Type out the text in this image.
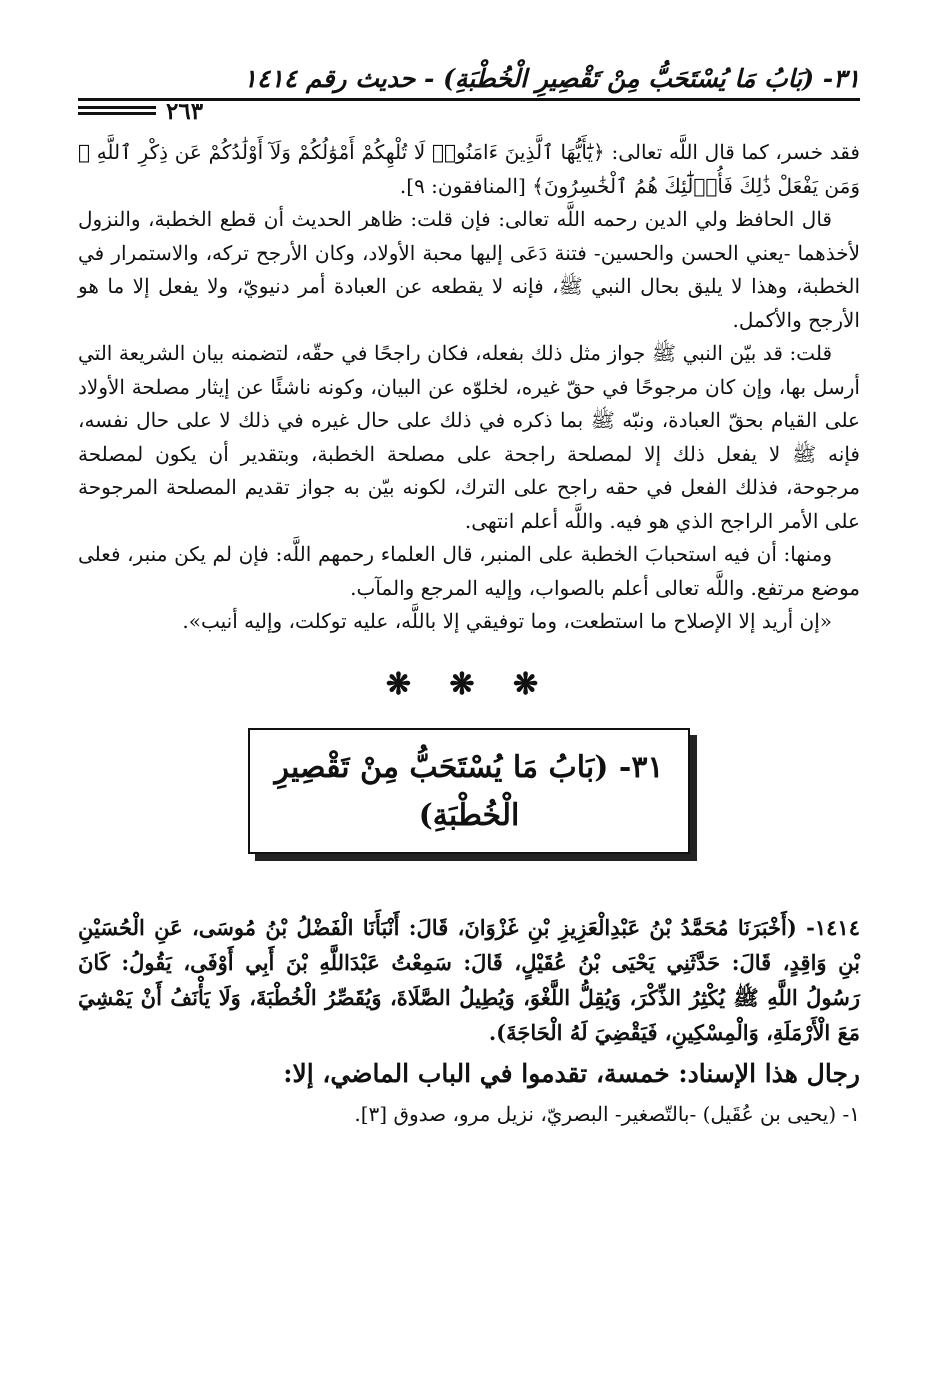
٣١- (بَابُ مَا يُسْتَحَبُّ مِنْ تَقْصِيرِ الْخُطْبَةِ) - حديث رقم ١٤١٤
٢٦٣

فقد خسر، كما قال اللَّه تعالى: ﴿يَٰٓأَيُّهَا ٱلَّذِينَ ءَامَنُوا۟ لَا تُلْهِكُمْ أَمْوَٰلُكُمْ وَلَآ أَوْلَٰدُكُمْ عَن ذِكْرِ ٱللَّهِ ۚ وَمَن يَفْعَلْ ذَٰلِكَ فَأُو۟لَٰٓئِكَ هُمُ ٱلْخَٰسِرُونَ﴾ [المنافقون: ٩].

قال الحافظ ولي الدين رحمه اللَّه تعالى: فإن قلت: ظاهر الحديث أن قطع الخطبة، والنزول لأخذهما -يعني الحسن والحسين- فتنة دَعَى إليها محبة الأولاد، وكان الأرجح تركه، والاستمرار في الخطبة، وهذا لا يليق بحال النبي ﷺ، فإنه لا يقطعه عن العبادة أمر دنيويّ، ولا يفعل إلا ما هو الأرجح والأكمل.

قلت: قد بيّن النبي ﷺ جواز مثل ذلك بفعله، فكان راجحًا في حقّه، لتضمنه بيان الشريعة التي أرسل بها، وإن كان مرجوحًا في حقّ غيره، لخلوّه عن البيان، وكونه ناشئًا عن إيثار مصلحة الأولاد على القيام بحقّ العبادة، ونبّه ﷺ بما ذكره في ذلك على حال غيره في ذلك لا على حال نفسه، فإنه ﷺ لا يفعل ذلك إلا لمصلحة راجحة على مصلحة الخطبة، وبتقدير أن يكون لمصلحة مرجوحة، فذلك الفعل في حقه راجح على الترك، لكونه بيّن به جواز تقديم المصلحة المرجوحة على الأمر الراجح الذي هو فيه. واللَّه أعلم انتهى.

ومنها: أن فيه استحبابَ الخطبة على المنبر، قال العلماء رحمهم اللَّه: فإن لم يكن منبر، فعلى موضع مرتفع. واللَّه تعالى أعلم بالصواب، وإليه المرجع والمآب.

«إن أريد إلا الإصلاح ما استطعت، وما توفيقي إلا باللَّه، عليه توكلت، وإليه أنيب».

❋ ❋ ❋
٣١- (بَابُ مَا يُسْتَحَبُّ مِنْ تَقْصِيرِ
الْخُطْبَةِ)
١٤١٤- (أَخْبَرَنَا مُحَمَّدُ بْنُ عَبْدِالْعَزِيزِ بْنِ غَزْوَانَ، قَالَ: أَنْبَأَنَا الْفَضْلُ بْنُ مُوسَى، عَنِ الْحُسَيْنِ بْنِ وَاقِدٍ، قَالَ: حَدَّثَنِي يَحْيَى بْنُ عُقَيْلٍ، قَالَ: سَمِعْتُ عَبْدَاللَّهِ بْنَ أَبِي أَوْفَى، يَقُولُ: كَانَ رَسُولُ اللَّهِ ﷺ يُكْثِرُ الذِّكْرَ، وَيُقِلُّ اللَّغْوَ، وَيُطِيلُ الصَّلَاةَ، وَيُقَصِّرُ الْخُطْبَةَ، وَلَا يَأْنَفُ أَنْ يَمْشِيَ مَعَ الْأَرْمَلَةِ، وَالْمِسْكِينِ، فَيَقْضِيَ لَهُ الْحَاجَةَ).
رجال هذا الإسناد: خمسة، تقدموا في الباب الماضي، إلا:
١- (يحيى بن عُقَيل) -بالتّصغير- البصريّ، نزيل مرو، صدوق [٣].
